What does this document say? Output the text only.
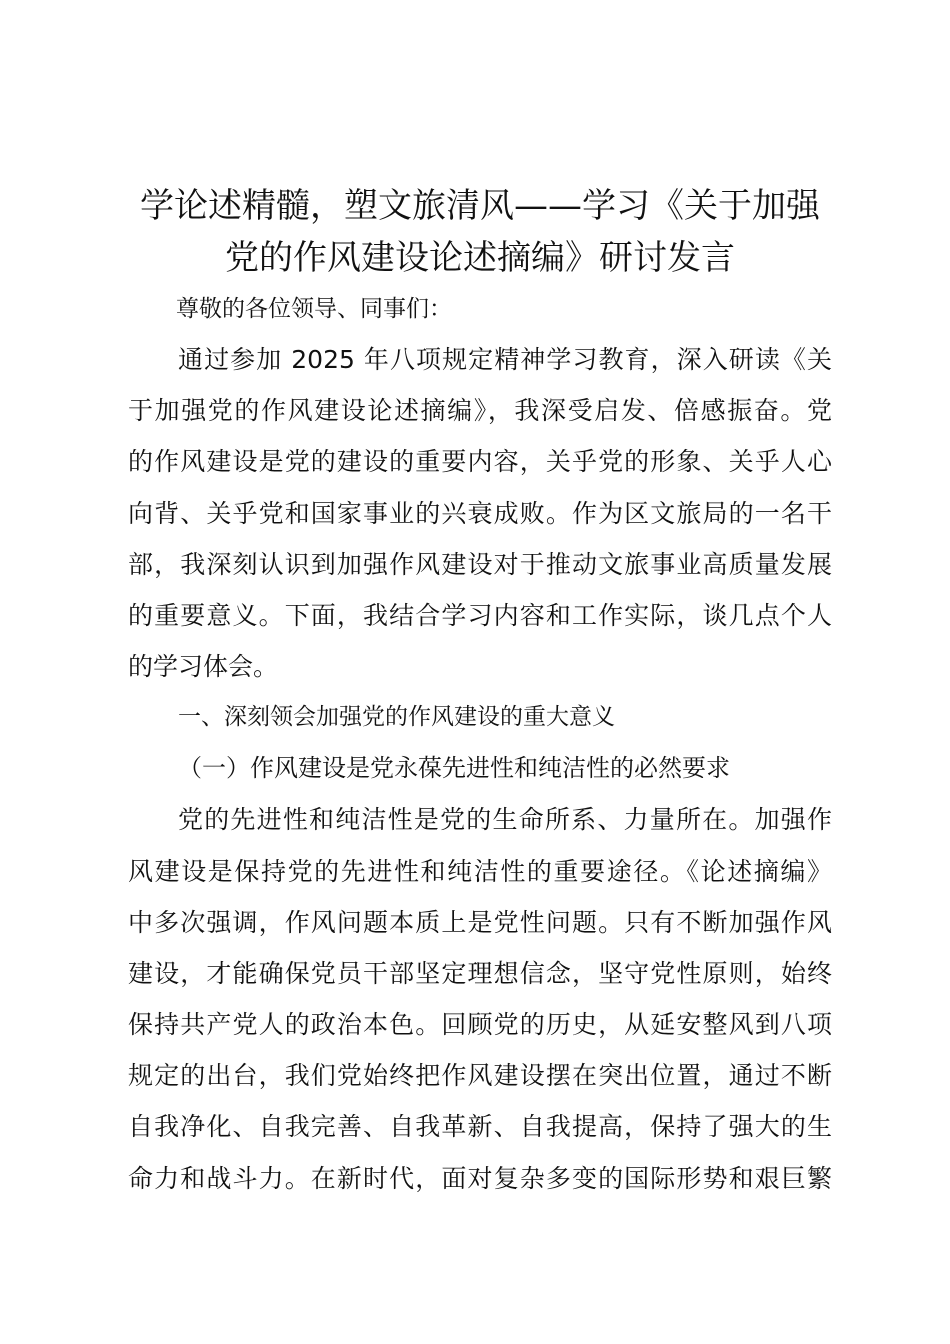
学论述精髓，塑文旅清风——学习《关于加强
党的作风建设论述摘编》研讨发言

尊敬的各位领导、同事们：

通过参加 2025 年八项规定精神学习教育，深入研读《关
于加强党的作风建设论述摘编》，我深受启发、倍感振奋。党
的作风建设是党的建设的重要内容，关乎党的形象、关乎人心
向背、关乎党和国家事业的兴衰成败。作为区文旅局的一名干
部，我深刻认识到加强作风建设对于推动文旅事业高质量发展
的重要意义。下面，我结合学习内容和工作实际，谈几点个人
的学习体会。

一、深刻领会加强党的作风建设的重大意义

（一）作风建设是党永葆先进性和纯洁性的必然要求

党的先进性和纯洁性是党的生命所系、力量所在。加强作
风建设是保持党的先进性和纯洁性的重要途径。《论述摘编》
中多次强调，作风问题本质上是党性问题。只有不断加强作风
建设，才能确保党员干部坚定理想信念，坚守党性原则，始终
保持共产党人的政治本色。回顾党的历史，从延安整风到八项
规定的出台，我们党始终把作风建设摆在突出位置，通过不断
自我净化、自我完善、自我革新、自我提高，保持了强大的生
命力和战斗力。在新时代，面对复杂多变的国际形势和艰巨繁
